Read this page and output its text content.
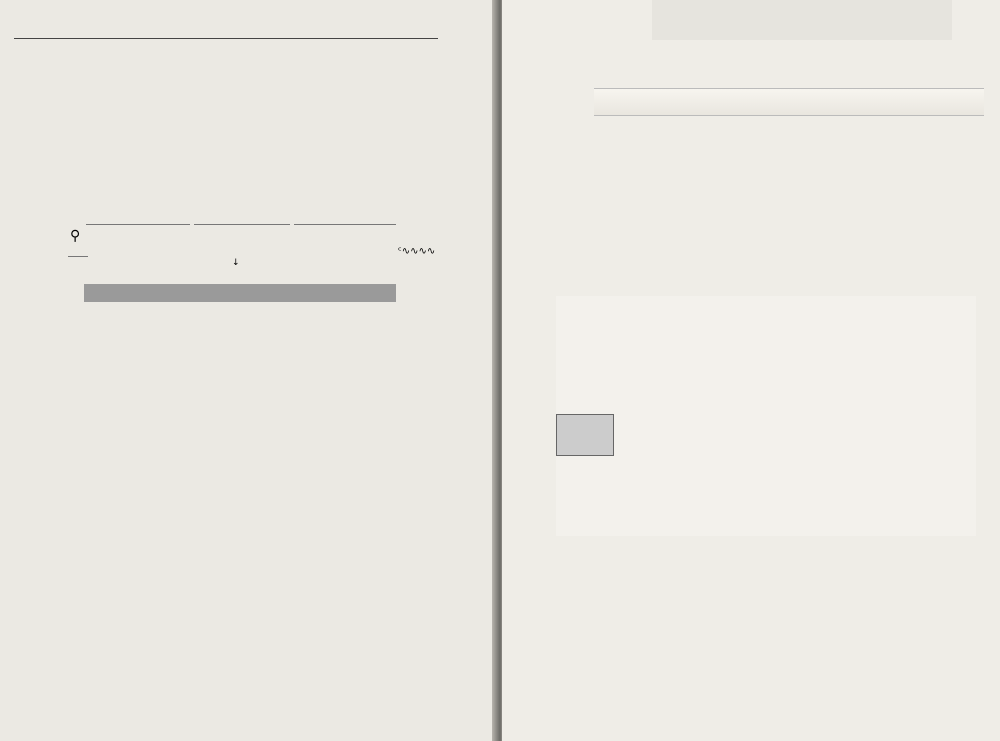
⚲
ᶜ∿∿∿∿
↓
